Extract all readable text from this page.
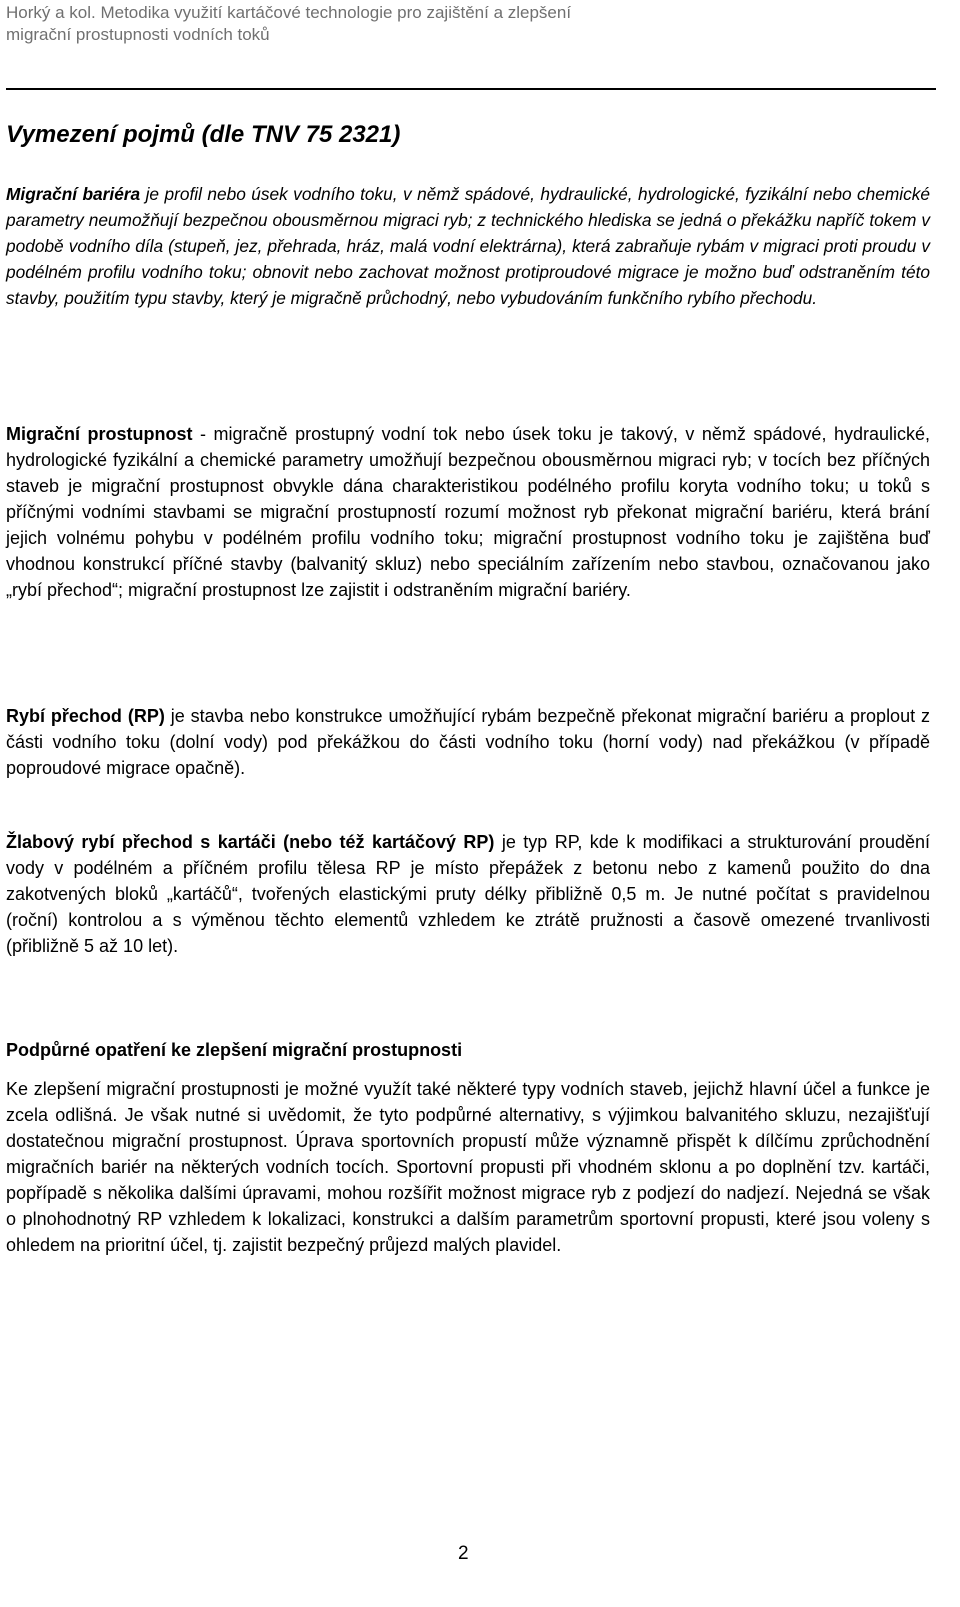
Horký a kol. Metodika využití kartáčové technologie pro zajištění a zlepšení
migrační prostupnosti vodních toků
Vymezení pojmů (dle TNV 75 2321)

Migrační bariéra je profil nebo úsek vodního toku, v němž spádové, hydraulické, hydrologické, fyzikální nebo chemické parametry neumožňují bezpečnou obousměrnou migraci ryb; z technického hlediska se jedná o překážku napříč tokem v podobě vodního díla (stupeň, jez, přehrada, hráz, malá vodní elektrárna), která zabraňuje rybám v migraci proti proudu v podélném profilu vodního toku; obnovit nebo zachovat možnost protiproudové migrace je možno buď odstraněním této stavby, použitím typu stavby, který je migračně průchodný, nebo vybudováním funkčního rybího přechodu.

Migrační prostupnost - migračně prostupný vodní tok nebo úsek toku je takový, v němž spádové, hydraulické, hydrologické fyzikální a chemické parametry umožňují bezpečnou obousměrnou migraci ryb; v tocích bez příčných staveb je migrační prostupnost obvykle dána charakteristikou podélného profilu koryta vodního toku; u toků s příčnými vodními stavbami se migrační prostupností rozumí možnost ryb překonat migrační bariéru, která brání jejich volnému pohybu v podélném profilu vodního toku; migrační prostupnost vodního toku je zajištěna buď vhodnou konstrukcí příčné stavby (balvanitý skluz) nebo speciálním zařízením nebo stavbou, označovanou jako „rybí přechod“; migrační prostupnost lze zajistit i odstraněním migrační bariéry.

Rybí přechod (RP) je stavba nebo konstrukce umožňující rybám bezpečně překonat migrační bariéru a proplout z části vodního toku (dolní vody) pod překážkou do části vodního toku (horní vody) nad překážkou (v případě poproudové migrace opačně).

Žlabový rybí přechod s kartáči (nebo též kartáčový RP) je typ RP, kde k modifikaci a strukturování proudění vody v podélném a příčném profilu tělesa RP je místo přepážek z betonu nebo z kamenů použito do dna zakotvených bloků „kartáčů“, tvořených elastickými pruty délky přibližně 0,5 m. Je nutné počítat s pravidelnou (roční) kontrolou a s výměnou těchto elementů vzhledem ke ztrátě pružnosti a časově omezené trvanlivosti (přibližně 5 až 10 let).

Podpůrné opatření ke zlepšení migrační prostupnosti

Ke zlepšení migrační prostupnosti je možné využít také některé typy vodních staveb, jejichž hlavní účel a funkce je zcela odlišná. Je však nutné si uvědomit, že tyto podpůrné alternativy, s výjimkou balvanitého skluzu, nezajišťují dostatečnou migrační prostupnost. Úprava sportovních propustí může významně přispět k dílčímu zprůchodnění migračních bariér na některých vodních tocích. Sportovní propusti při vhodném sklonu a po doplnění tzv. kartáči, popřípadě s několika dalšími úpravami, mohou rozšířit možnost migrace ryb z podjezí do nadjezí. Nejedná se však o plnohodnotný RP vzhledem k lokalizaci, konstrukci a dalším parametrům sportovní propusti, které jsou voleny s ohledem na prioritní účel, tj. zajistit bezpečný průjezd malých plavidel.

2
